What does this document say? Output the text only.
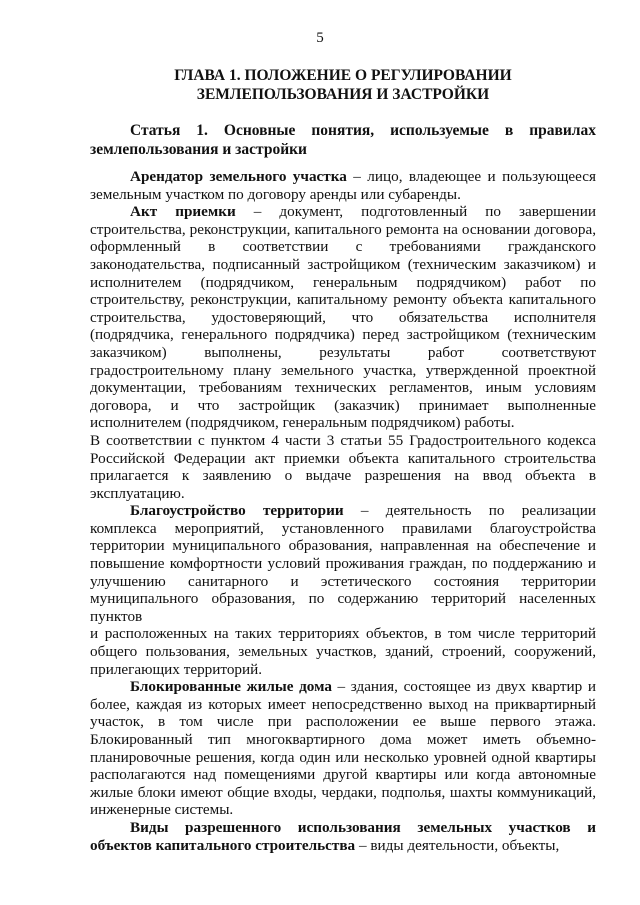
5
ГЛАВА 1. ПОЛОЖЕНИЕ О РЕГУЛИРОВАНИИ
ЗЕМЛЕПОЛЬЗОВАНИЯ И ЗАСТРОЙКИ
Статья 1. Основные понятия, используемые в правилах
землепользования и застройки

Арендатор земельного участка – лицо, владеющее и пользующееся земельным участком по договору аренды или субаренды.

Акт приемки – документ, подготовленный по завершении строительства, реконструкции, капитального ремонта на основании договора, оформленный в соответствии с требованиями гражданского законодательства, подписанный застройщиком (техническим заказчиком) и исполнителем (подрядчиком, генеральным подрядчиком) работ по строительству, реконструкции, капитальному ремонту объекта капитального строительства, удостоверяющий, что обязательства исполнителя (подрядчика, генерального подрядчика) перед застройщиком (техническим заказчиком) выполнены, результаты работ соответствуют градостроительному плану земельного участка, утвержденной проектной документации, требованиям технических регламентов, иным условиям договора, и что застройщик (заказчик) принимает выполненные исполнителем (подрядчиком, генеральным подрядчиком) работы.

В соответствии с пунктом 4 части 3 статьи 55 Градостроительного кодекса Российской Федерации акт приемки объекта капитального строительства прилагается к заявлению о выдаче разрешения на ввод объекта в эксплуатацию.

Благоустройство территории – деятельность по реализации комплекса мероприятий, установленного правилами благоустройства территории муниципального образования, направленная на обеспечение и повышение комфортности условий проживания граждан, по поддержанию и улучшению санитарного и эстетического состояния территории муниципального образования, по содержанию территорий населенных пунктов

и расположенных на таких территориях объектов, в том числе территорий общего пользования, земельных участков, зданий, строений, сооружений, прилегающих территорий.

Блокированные жилые дома – здания, состоящее из двух квартир и более, каждая из которых имеет непосредственно выход на приквартирный участок, в том числе при расположении ее выше первого этажа. Блокированный тип многоквартирного дома может иметь объемно-планировочные решения, когда один или несколько уровней одной квартиры располагаются над помещениями другой квартиры или когда автономные жилые блоки имеют общие входы, чердаки, подполья, шахты коммуникаций, инженерные системы.

Виды разрешенного использования земельных участков и объектов капитального строительства – виды деятельности, объекты,
